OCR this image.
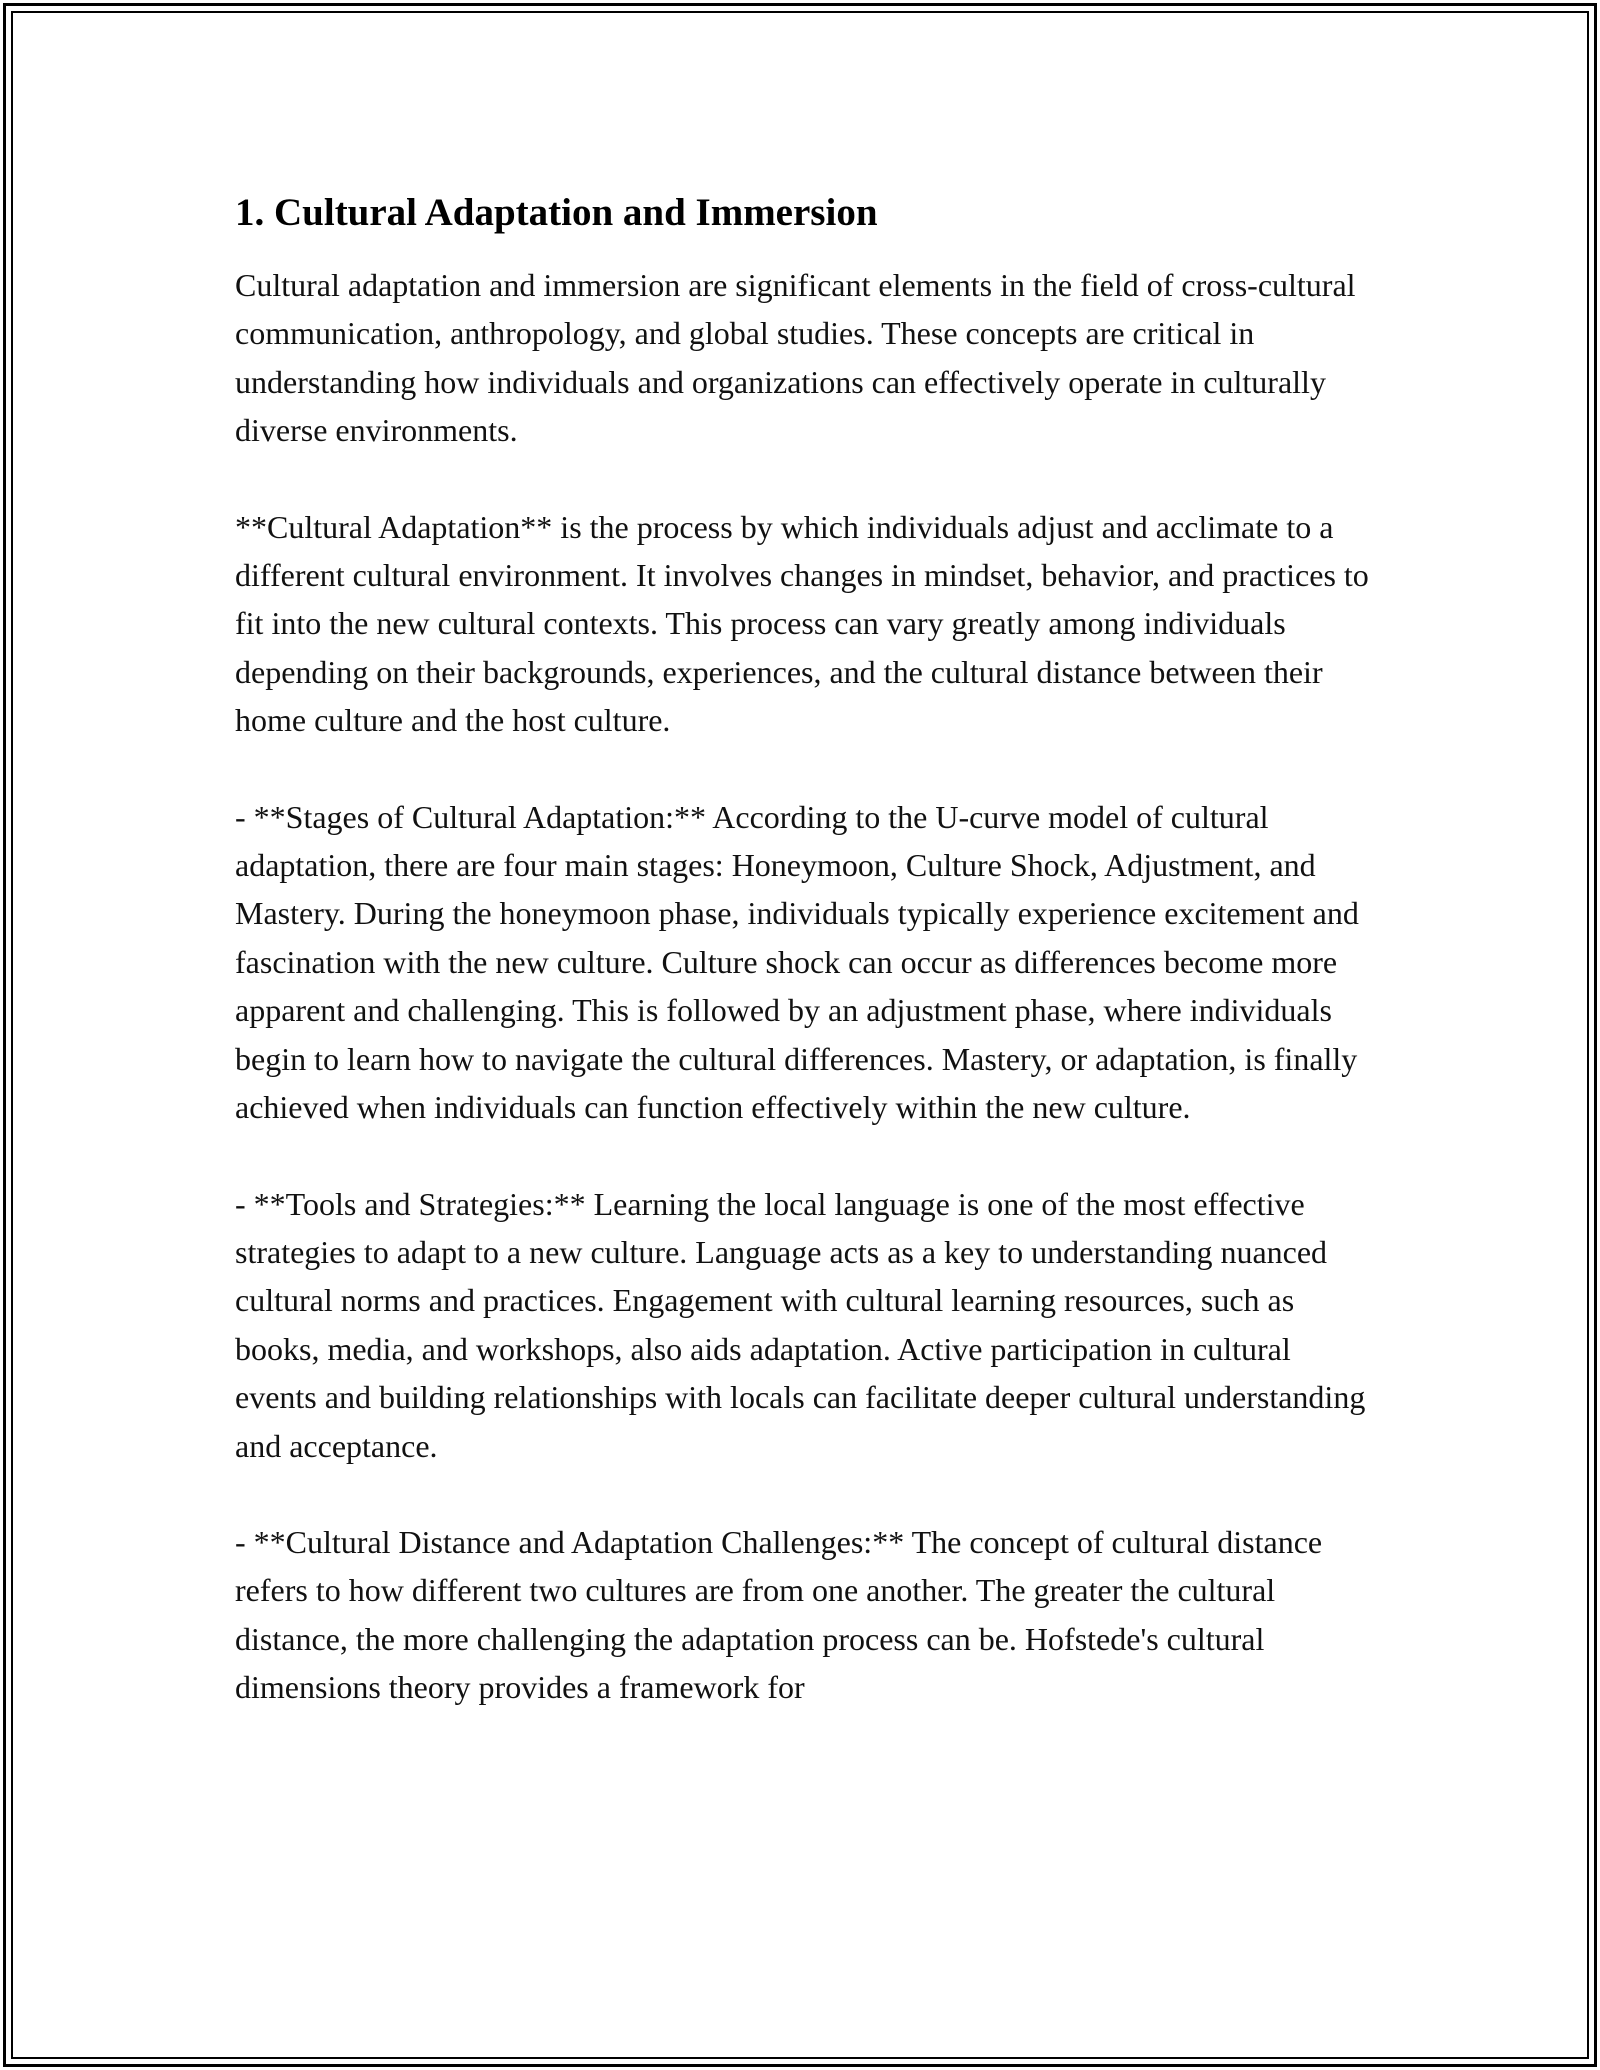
1. Cultural Adaptation and Immersion

Cultural adaptation and immersion are significant elements in the field of cross-cultural communication, anthropology, and global studies. These concepts are critical in understanding how individuals and organizations can effectively operate in culturally diverse environments.

**Cultural Adaptation** is the process by which individuals adjust and acclimate to a different cultural environment. It involves changes in mindset, behavior, and practices to fit into the new cultural contexts. This process can vary greatly among individuals depending on their backgrounds, experiences, and the cultural distance between their home culture and the host culture.

- **Stages of Cultural Adaptation:** According to the U-curve model of cultural adaptation, there are four main stages: Honeymoon, Culture Shock, Adjustment, and Mastery. During the honeymoon phase, individuals typically experience excitement and fascination with the new culture. Culture shock can occur as differences become more apparent and challenging. This is followed by an adjustment phase, where individuals begin to learn how to navigate the cultural differences. Mastery, or adaptation, is finally achieved when individuals can function effectively within the new culture.

- **Tools and Strategies:** Learning the local language is one of the most effective strategies to adapt to a new culture. Language acts as a key to understanding nuanced cultural norms and practices. Engagement with cultural learning resources, such as books, media, and workshops, also aids adaptation. Active participation in cultural events and building relationships with locals can facilitate deeper cultural understanding and acceptance.

- **Cultural Distance and Adaptation Challenges:** The concept of cultural distance refers to how different two cultures are from one another. The greater the cultural distance, the more challenging the adaptation process can be. Hofstede's cultural dimensions theory provides a framework for
